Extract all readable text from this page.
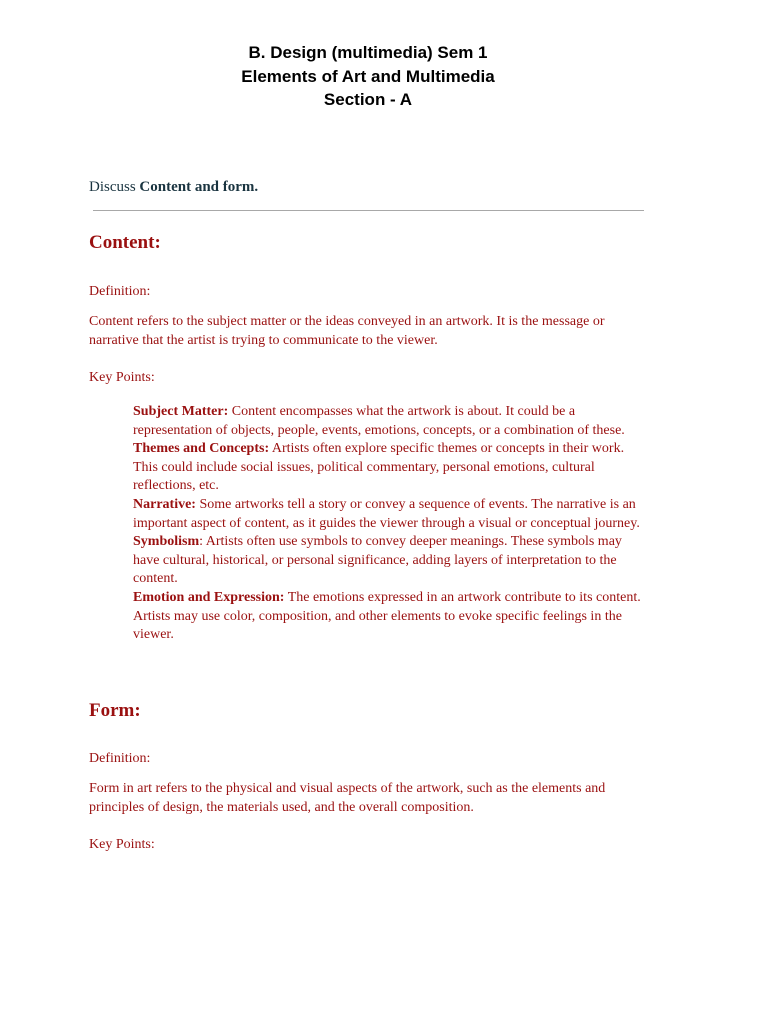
B. Design (multimedia) Sem 1
Elements of Art and Multimedia
Section - A
Discuss Content and form.
Content:
Definition:
Content refers to the subject matter or the ideas conveyed in an artwork. It is the message or narrative that the artist is trying to communicate to the viewer.
Key Points:
Subject Matter: Content encompasses what the artwork is about. It could be a representation of objects, people, events, emotions, concepts, or a combination of these.
Themes and Concepts: Artists often explore specific themes or concepts in their work. This could include social issues, political commentary, personal emotions, cultural reflections, etc.
Narrative: Some artworks tell a story or convey a sequence of events. The narrative is an important aspect of content, as it guides the viewer through a visual or conceptual journey.
Symbolism: Artists often use symbols to convey deeper meanings. These symbols may have cultural, historical, or personal significance, adding layers of interpretation to the content.
Emotion and Expression: The emotions expressed in an artwork contribute to its content. Artists may use color, composition, and other elements to evoke specific feelings in the viewer.
Form:
Definition:
Form in art refers to the physical and visual aspects of the artwork, such as the elements and principles of design, the materials used, and the overall composition.
Key Points:
